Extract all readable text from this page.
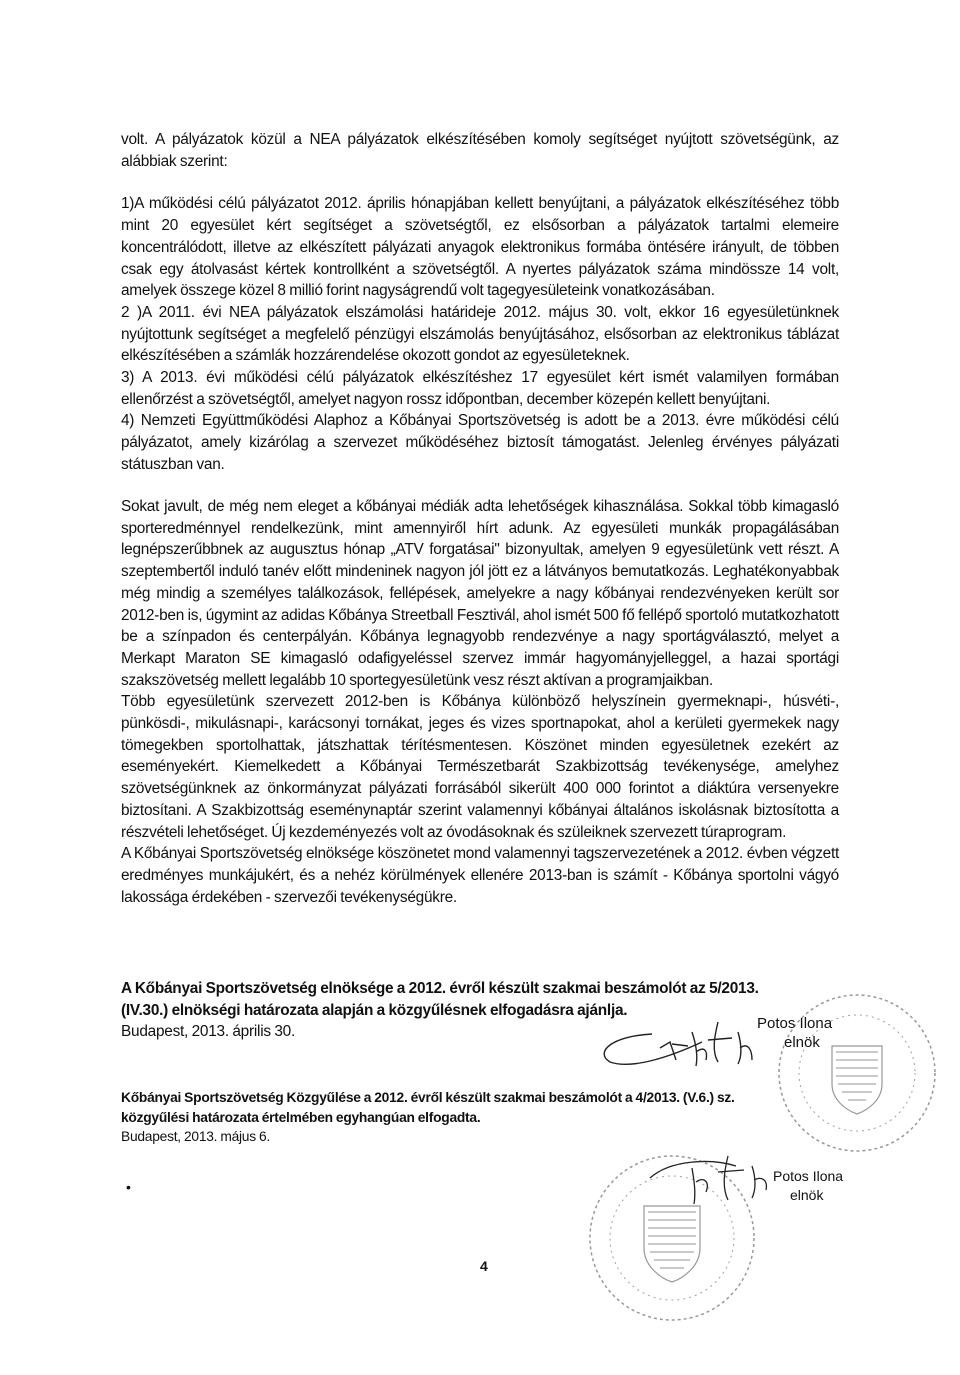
volt. A pályázatok közül a NEA pályázatok elkészítésében komoly segítséget nyújtott szövetségünk, az alábbiak szerint:

1)A működési célú pályázatot 2012. április hónapjában kellett benyújtani, a pályázatok elkészítéséhez több mint 20 egyesület kért segítséget a szövetségtől, ez elsősorban a pályázatok tartalmi elemeire koncentrálódott, illetve az elkészített pályázati anyagok elektronikus formába öntésére irányult, de többen csak egy átolvasást kértek kontrollként a szövetségtől. A nyertes pályázatok száma mindössze 14 volt, amelyek összege közel 8 millió forint nagyságrendű volt tagegyesületeink vonatkozásában.

2 )A 2011. évi NEA pályázatok elszámolási határideje 2012. május 30. volt, ekkor 16 egyesületünknek nyújtottunk segítséget a megfelelő pénzügyi elszámolás benyújtásához, elsősorban az elektronikus táblázat elkészítésében a számlák hozzárendelése okozott gondot az egyesületeknek.

3) A 2013. évi működési célú pályázatok elkészítéshez 17 egyesület kért ismét valamilyen formában ellenőrzést a szövetségtől, amelyet nagyon rossz időpontban, december közepén kellett benyújtani.

4) Nemzeti Együttműködési Alaphoz a Kőbányai Sportszövetség is adott be a 2013. évre működési célú pályázatot, amely kizárólag a szervezet működéséhez biztosít támogatást. Jelenleg érvényes pályázati státuszban van.

Sokat javult, de még nem eleget a kőbányai médiák adta lehetőségek kihasználása. Sokkal több kimagasló sporteredménnyel rendelkezünk, mint amennyiről hírt adunk. Az egyesületi munkák propagálásában legnépszerűbbnek az augusztus hónap „ATV forgatásai" bizonyultak, amelyen 9 egyesületünk vett részt. A szeptembertől induló tanév előtt mindeninek nagyon jól jött ez a látványos bemutatkozás. Leghatékonyabbak még mindig a személyes találkozások, fellépések, amelyekre a nagy kőbányai rendezvényeken került sor 2012-ben is, úgymint az adidas Kőbánya Streetball Fesztivál, ahol ismét 500 fő fellépő sportoló mutatkozhatott be a színpadon és centerpályán. Kőbánya legnagyobb rendezvénye a nagy sportágválasztó, melyet a Merkapt Maraton SE kimagasló odafigyeléssel szervez immár hagyományjelleggel, a hazai sportági szakszövetség mellett legalább 10 sportegyesületünk vesz részt aktívan a programjaikban.

Több egyesületünk szervezett 2012-ben is Kőbánya különböző helyszínein gyermeknapi-, húsvéti-, pünkösdi-, mikulásnapi-, karácsonyi tornákat, jeges és vizes sportnapokat, ahol a kerületi gyermekek nagy tömegekben sportolhattak, játszhattak térítésmentesen. Köszönet minden egyesületnek ezekért az eseményekért. Kiemelkedett a Kőbányai Természetbarát Szakbizottság tevékenysége, amelyhez szövetségünknek az önkormányzat pályázati forrásából sikerült 400 000 forintot a diáktúra versenyekre biztosítani. A Szakbizottság eseménynaptár szerint valamennyi kőbányai általános iskolásnak biztosította a részvételi lehetőséget. Új kezdeményezés volt az óvodásoknak és szüleiknek szervezett túraprogram.

A Kőbányai Sportszövetség elnöksége köszönetet mond valamennyi tagszervezetének a 2012. évben végzett eredményes munkájukért, és a nehéz körülmények ellenére 2013-ban is számít - Kőbánya sportolni vágyó lakossága érdekében - szervezői tevékenységükre.

A Kőbányai Sportszövetség elnöksége a 2012. évről készült szakmai beszámolót az 5/2013.
(IV.30.) elnökségi határozata alapján a közgyűlésnek elfogadásra ajánlja.
Budapest, 2013. április 30.	Potos Ilona
elnök
Kőbányai Sportszövetség Közgyűlése a 2012. évről készült szakmai beszámolót a 4/2013. (V.6.) sz.
közgyűlési határozata értelmében egyhangúan elfogadta.
Budapest, 2013. május 6.
Potos Ilona
elnök
•
4
